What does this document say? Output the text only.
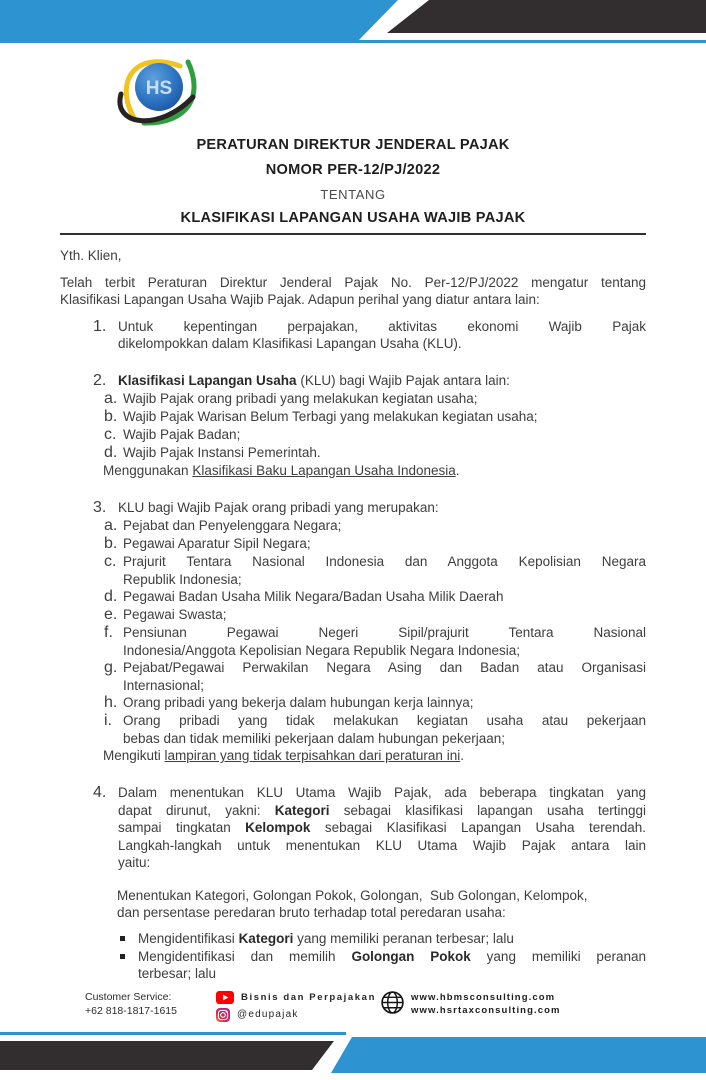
HS
PERATURAN DIREKTUR JENDERAL PAJAK
NOMOR PER-12/PJ/2022
TENTANG
KLASIFIKASI LAPANGAN USAHA WAJIB PAJAK
Yth. Klien,
Telah terbit Peraturan Direktur Jenderal Pajak No. Per-12/PJ/2022 mengatur tentang
Klasifikasi Lapangan Usaha Wajib Pajak. Adapun perihal yang diatur antara lain:
1. Untuk kepentingan perpajakan, aktivitas ekonomi Wajib Pajak
dikelompokkan dalam Klasifikasi Lapangan Usaha (KLU).
2. Klasifikasi Lapangan Usaha (KLU) bagi Wajib Pajak antara lain:
a. Wajib Pajak orang pribadi yang melakukan kegiatan usaha;
b. Wajib Pajak Warisan Belum Terbagi yang melakukan kegiatan usaha;
c. Wajib Pajak Badan;
d. Wajib Pajak Instansi Pemerintah.
Menggunakan Klasifikasi Baku Lapangan Usaha Indonesia.
3. KLU bagi Wajib Pajak orang pribadi yang merupakan:
a. Pejabat dan Penyelenggara Negara;
b. Pegawai Aparatur Sipil Negara;
c. Prajurit Tentara Nasional Indonesia dan Anggota Kepolisian Negara
Republik Indonesia;
d. Pegawai Badan Usaha Milik Negara/Badan Usaha Milik Daerah
e. Pegawai Swasta;
f. Pensiunan Pegawai Negeri Sipil/prajurit Tentara Nasional
Indonesia/Anggota Kepolisian Negara Republik Negara Indonesia;
g. Pejabat/Pegawai Perwakilan Negara Asing dan Badan atau Organisasi
Internasional;
h. Orang pribadi yang bekerja dalam hubungan kerja lainnya;
i. Orang pribadi yang tidak melakukan kegiatan usaha atau pekerjaan
bebas dan tidak memiliki pekerjaan dalam hubungan pekerjaan;
Mengikuti lampiran yang tidak terpisahkan dari peraturan ini.
4. Dalam menentukan KLU Utama Wajib Pajak, ada beberapa tingkatan yang
dapat dirunut, yakni: Kategori sebagai klasifikasi lapangan usaha tertinggi
sampai tingkatan Kelompok sebagai Klasifikasi Lapangan Usaha terendah.
Langkah-langkah untuk menentukan KLU Utama Wajib Pajak antara lain
yaitu:
Menentukan Kategori, Golongan Pokok, Golongan,  Sub Golongan, Kelompok,
dan persentase peredaran bruto terhadap total peredaran usaha:
Mengidentifikasi Kategori yang memiliki peranan terbesar; lalu
Mengidentifikasi dan memilih Golongan Pokok yang memiliki peranan
terbesar; lalu
Customer Service:
+62 818-1817-1615
Bisnis dan Perpajakan
@edupajak
www.hbmsconsulting.com
www.hsrtaxconsulting.com
